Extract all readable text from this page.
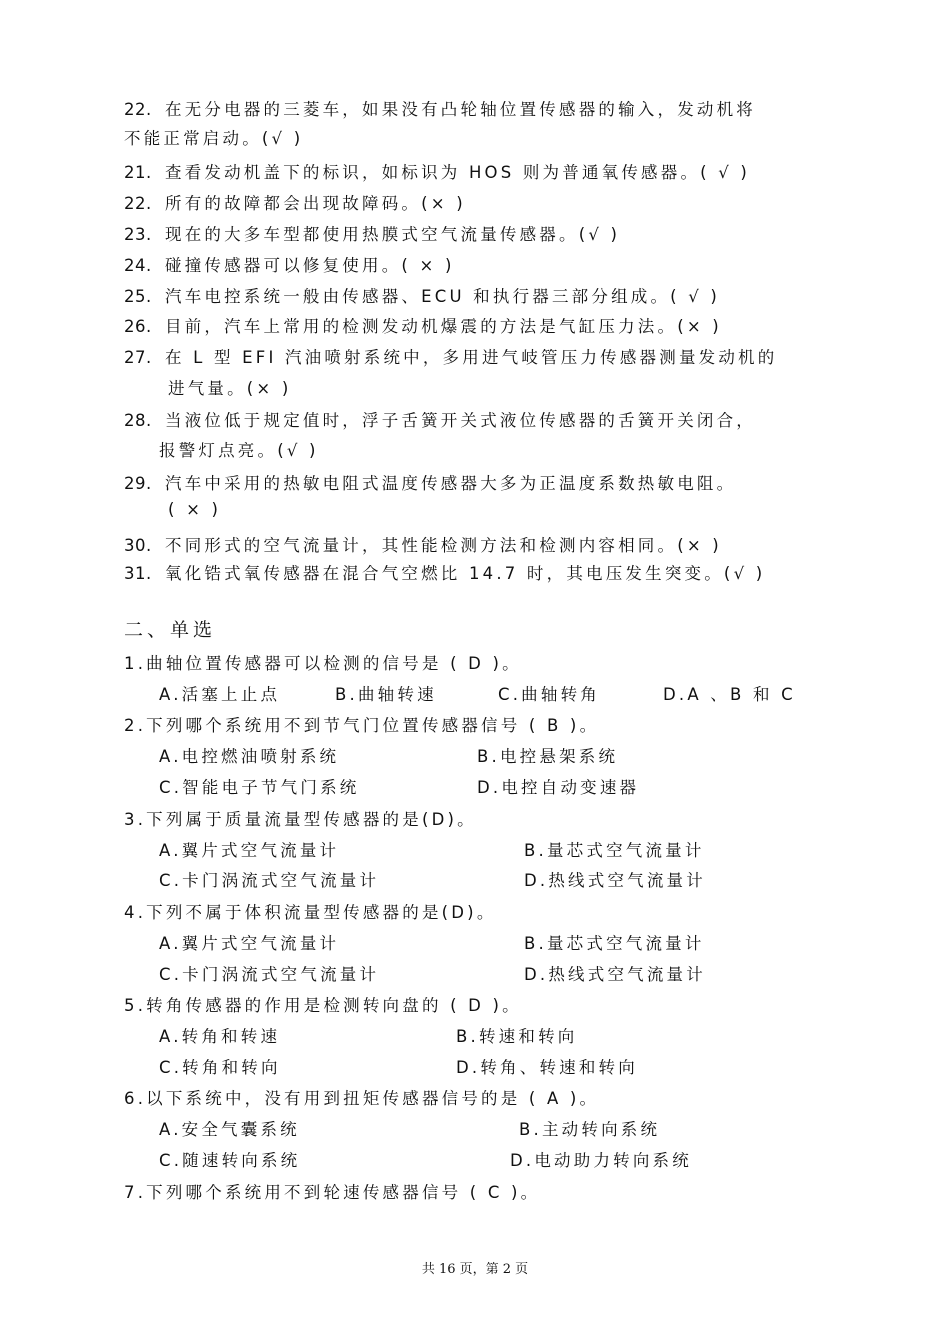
22. 在无分电器的三菱车，如果没有凸轮轴位置传感器的输入，发动机将
不能正常启动。(√ )
21. 查看发动机盖下的标识，如标识为 HOS 则为普通氧传感器。( √ )
22. 所有的故障都会出现故障码。(× )
23. 现在的大多车型都使用热膜式空气流量传感器。(√ )
24. 碰撞传感器可以修复使用。( × )
25. 汽车电控系统一般由传感器、ECU 和执行器三部分组成。( √ )
26. 目前，汽车上常用的检测发动机爆震的方法是气缸压力法。(× )
27. 在 L 型 EFI 汽油喷射系统中，多用进气岐管压力传感器测量发动机的
进气量。(× )
28. 当液位低于规定值时，浮子舌簧开关式液位传感器的舌簧开关闭合，
报警灯点亮。(√ )
29. 汽车中采用的热敏电阻式温度传感器大多为正温度系数热敏电阻。
( × )
30. 不同形式的空气流量计，其性能检测方法和检测内容相同。(× )
31. 氧化锆式氧传感器在混合气空燃比 14.7 时，其电压发生突变。(√ )
二、单选
1.曲轴位置传感器可以检测的信号是 ( D )。
A.活塞上止点	B.曲轴转速	C.曲轴转角	D.A 、B 和 C
2.下列哪个系统用不到节气门位置传感器信号 ( B )。
A.电控燃油喷射系统	B.电控悬架系统
C.智能电子节气门系统	D.电控自动变速器
3.下列属于质量流量型传感器的是(D)。
A.翼片式空气流量计	B.量芯式空气流量计
C.卡门涡流式空气流量计	D.热线式空气流量计
4.下列不属于体积流量型传感器的是(D)。
A.翼片式空气流量计	B.量芯式空气流量计
C.卡门涡流式空气流量计	D.热线式空气流量计
5.转角传感器的作用是检测转向盘的 ( D )。
A.转角和转速	B.转速和转向
C.转角和转向	D.转角、转速和转向
6.以下系统中，没有用到扭矩传感器信号的是 ( A )。
A.安全气囊系统	B.主动转向系统
C.随速转向系统	D.电动助力转向系统
7.下列哪个系统用不到轮速传感器信号 ( C )。
共 16 页，第 2 页
